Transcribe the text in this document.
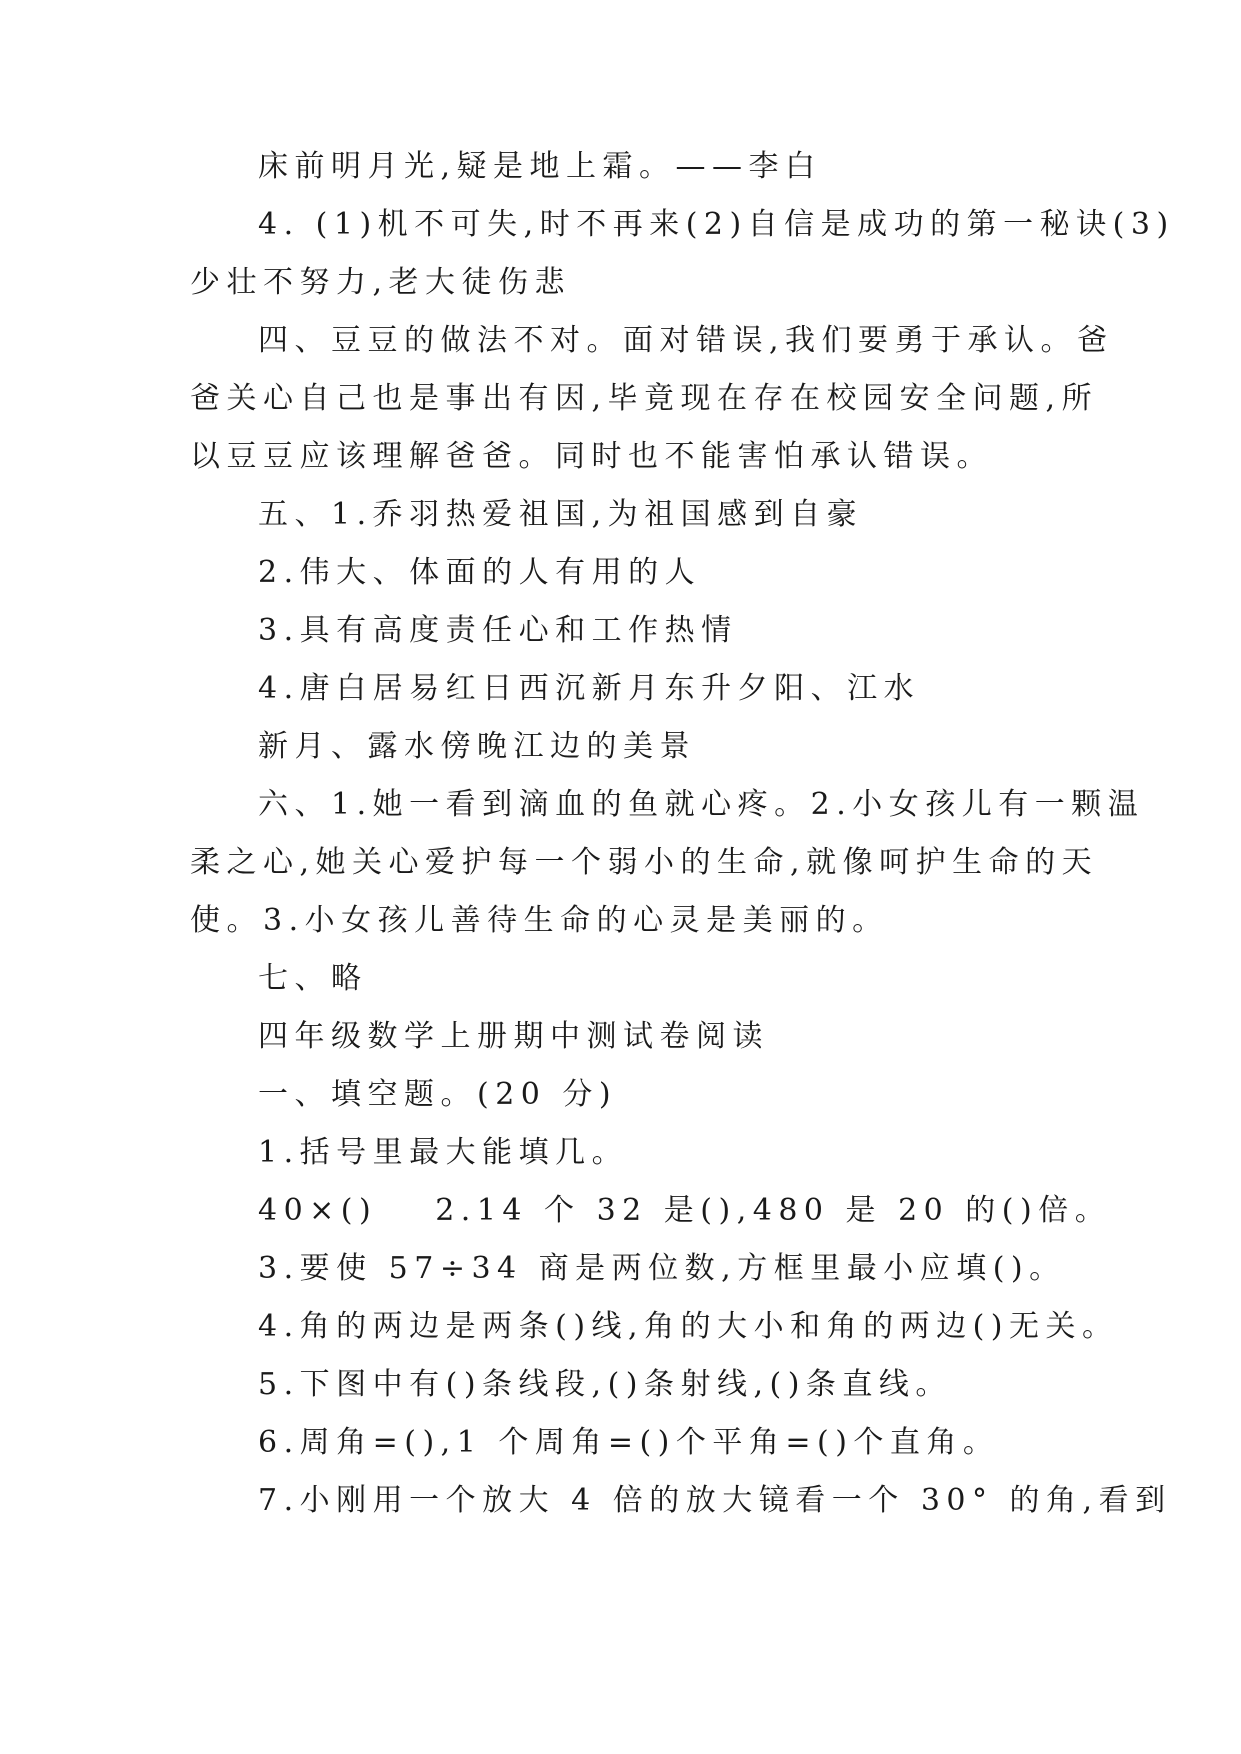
床前明月光,疑是地上霜。——李白
4. (1)机不可失,时不再来(2)自信是成功的第一秘诀(3)
少壮不努力,老大徒伤悲
四、豆豆的做法不对。面对错误,我们要勇于承认。爸
爸关心自己也是事出有因,毕竟现在存在校园安全问题,所
以豆豆应该理解爸爸。同时也不能害怕承认错误。
五、1.乔羽热爱祖国,为祖国感到自豪
2.伟大、体面的人有用的人
3.具有高度责任心和工作热情
4.唐白居易红日西沉新月东升夕阳、江水
新月、露水傍晚江边的美景
六、1.她一看到滴血的鱼就心疼。2.小女孩儿有一颗温
柔之心,她关心爱护每一个弱小的生命,就像呵护生命的天
使。3.小女孩儿善待生命的心灵是美丽的。
七、略
四年级数学上册期中测试卷阅读
一、填空题。(20 分)
1.括号里最大能填几。
40×() 2.14 个 32 是(),480 是 20 的()倍。
3.要使 57÷34 商是两位数,方框里最小应填()。
4.角的两边是两条()线,角的大小和角的两边()无关。
5.下图中有()条线段,()条射线,()条直线。
6.周角=(),1 个周角=()个平角=()个直角。
7.小刚用一个放大 4 倍的放大镜看一个 30° 的角,看到
